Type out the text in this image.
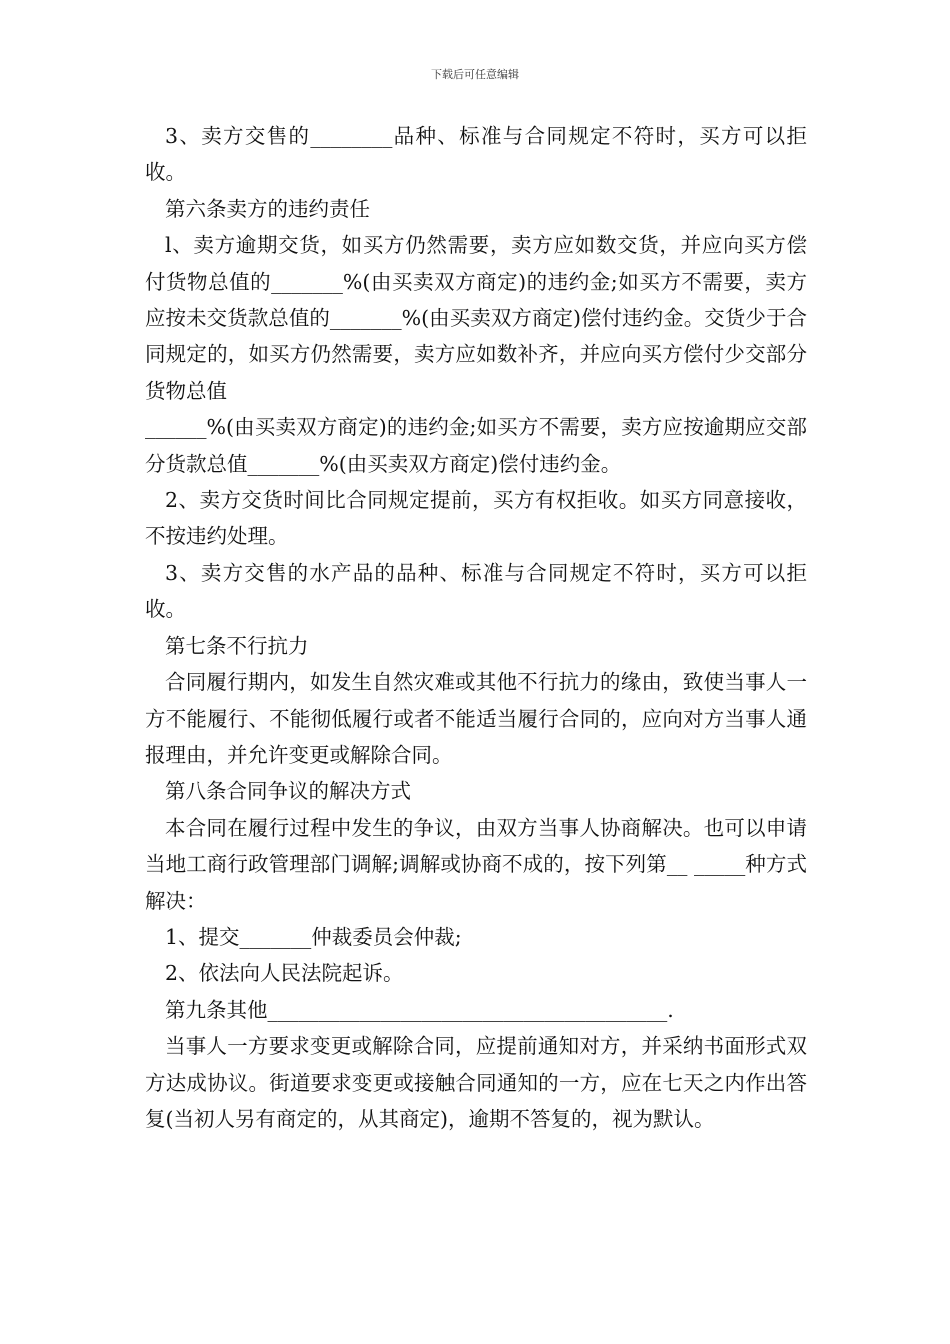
下载后可任意编辑

3、卖方交售的________品种、标准与合同规定不符时，买方可以拒收。

第六条卖方的违约责任

l、卖方逾期交货，如买方仍然需要，卖方应如数交货，并应向买方偿付货物总值的_______%(由买卖双方商定)的违约金;如买方不需要，卖方应按未交货款总值的_______%(由买卖双方商定)偿付违约金。交货少于合同规定的，如买方仍然需要，卖方应如数补齐，并应向买方偿付少交部分货物总值

______%(由买卖双方商定)的违约金;如买方不需要，卖方应按逾期应交部分货款总值_______%(由买卖双方商定)偿付违约金。

2、卖方交货时间比合同规定提前，买方有权拒收。如买方同意接收，不按违约处理。

3、卖方交售的水产品的品种、标准与合同规定不符时，买方可以拒收。

第七条不行抗力

合同履行期内，如发生自然灾难或其他不行抗力的缘由，致使当事人一方不能履行、不能彻低履行或者不能适当履行合同的，应向对方当事人通报理由，并允许变更或解除合同。

第八条合同争议的解决方式

本合同在履行过程中发生的争议，由双方当事人协商解决。也可以申请当地工商行政管理部门调解;调解或协商不成的，按下列第__ _____种方式解决：

1、提交_______仲裁委员会仲裁;

2、依法向人民法院起诉。

第九条其他_______________________________________.

当事人一方要求变更或解除合同，应提前通知对方，并采纳书面形式双方达成协议。街道要求变更或接触合同通知的一方，应在七天之内作出答复(当初人另有商定的，从其商定)，逾期不答复的，视为默认。
